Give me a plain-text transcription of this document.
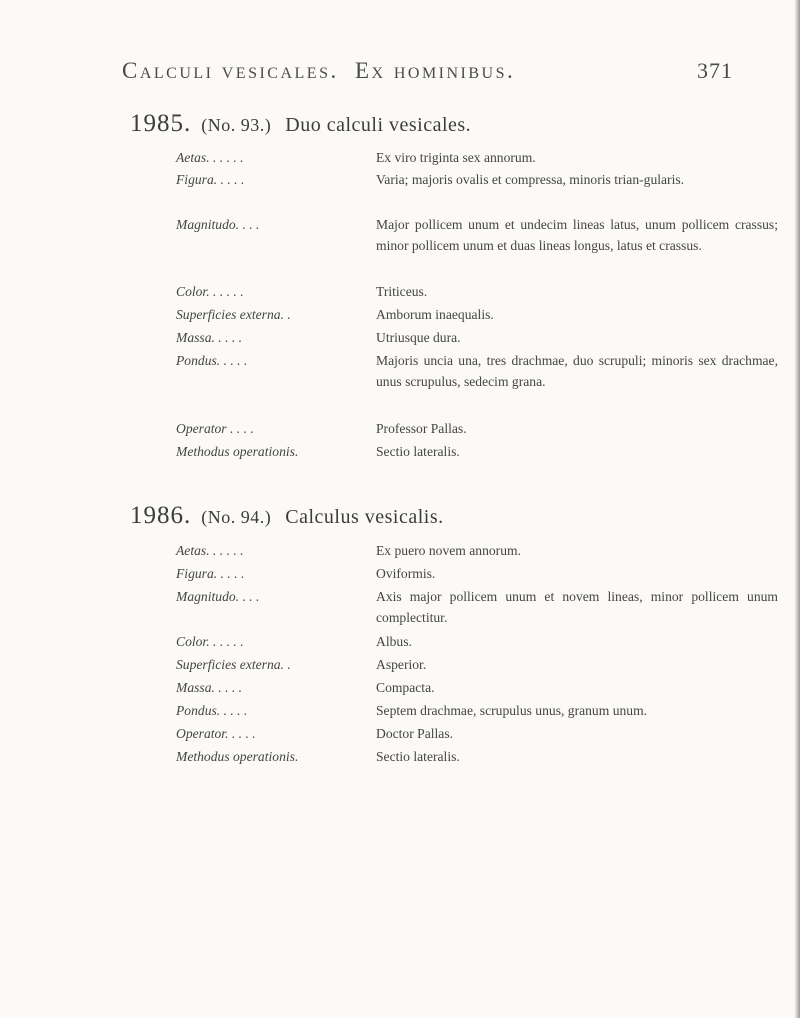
Calculi vesicales. Ex hominibus.	371
1985. (No. 93.) Duo calculi vesicales.
Aetas. . . . . .	Ex viro triginta sex annorum.
Figura. . . . .	Varia; majoris ovalis et compressa, minoris trian-gularis.
Magnitudo. . . .	Major pollicem unum et undecim lineas latus, unum pollicem crassus; minor pollicem unum et duas lineas longus, latus et crassus.
Color. . . . . .	Triticeus.
Superficies externa. .	Amborum inaequalis.
Massa. . . . .	Utriusque dura.
Pondus. . . . .	Majoris uncia una, tres drachmae, duo scrupuli; minoris sex drachmae, unus scrupulus, sedecim grana.
Operator . . . .	Professor Pallas.
Methodus operationis.	Sectio lateralis.
1986. (No. 94.) Calculus vesicalis.
Aetas. . . . . .	Ex puero novem annorum.
Figura. . . . .	Oviformis.
Magnitudo. . . .	Axis major pollicem unum et novem lineas, minor pollicem unum complectitur.
Color. . . . . .	Albus.
Superficies externa. .	Asperior.
Massa. . . . .	Compacta.
Pondus. . . . .	Septem drachmae, scrupulus unus, granum unum.
Operator. . . . .	Doctor Pallas.
Methodus operationis.	Sectio lateralis.
